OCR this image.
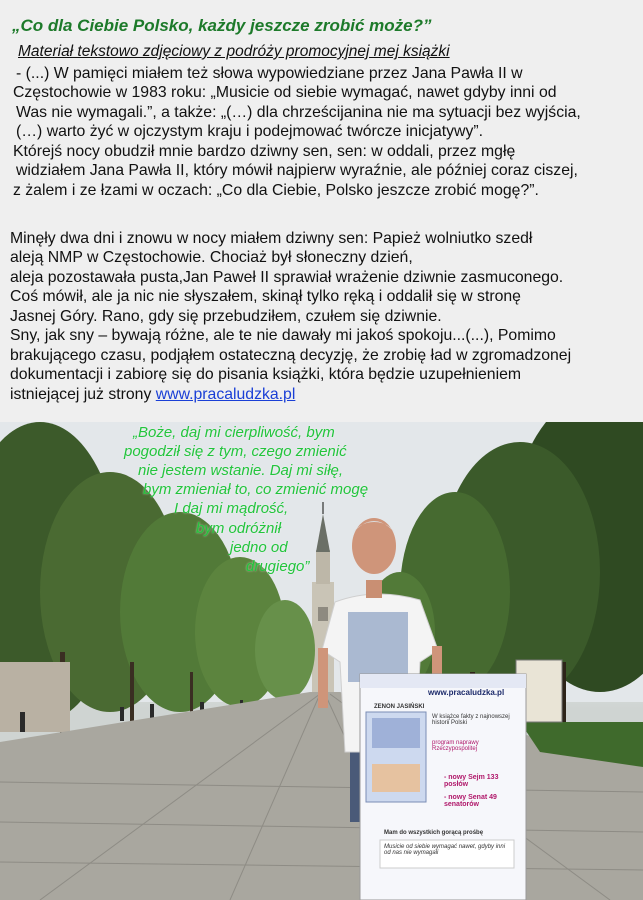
„Co dla Ciebie Polsko, każdy jeszcze zrobić może?”

Materiał tekstowo zdjęciowy z podróży promocyjnej mej książki

- (...) W pamięci miałem też słowa wypowiedziane przez Jana Pawła II w
Częstochowie w 1983 roku: „Musicie od siebie wymagać, nawet gdyby inni od
Was nie wymagali.”, a także: „(…) dla chrześcijanina nie ma sytuacji bez wyjścia,
(…) warto żyć w ojczystym kraju i podejmować twórcze inicjatywy”.
Którejś nocy obudził mnie bardzo dziwny sen, sen: w oddali, przez mgłę
widziałem Jana Pawła II, który mówił najpierw wyraźnie, ale później coraz ciszej,
z żalem i ze łzami w oczach: „Co dla Ciebie, Polsko jeszcze zrobić mogę?”.
Minęły dwa dni i znowu w nocy miałem dziwny sen: Papież wolniutko szedł
aleją NMP w Częstochowie. Chociaż był słoneczny dzień,
aleja pozostawała pusta,Jan Paweł II sprawiał wrażenie dziwnie zasmuconego.
Coś mówił, ale ja nic nie słyszałem, skinął tylko ręką i oddalił się w stronę
Jasnej Góry. Rano, gdy się przebudziłem, czułem się dziwnie.
Sny, jak sny – bywają różne, ale te nie dawały mi jakoś spokoju...(...), Pomimo
brakującego czasu, podjąłem ostateczną decyzję, że zrobię ład w zgromadzonej
dokumentacji i zabiorę się do pisania książki, która będzie uzupełnieniem
istniejącej już strony www.pracaludzka.pl
„Boże, daj mi cierpliwość, bym
pogodził się z tym, czego zmienić
nie jestem wstanie. Daj mi siłę,
bym zmieniał to, co zmienić mogę
I daj mi mądrość,
bym odróżnił
jedno od
drugiego”
www.pracaludzka.pl
ZENON JASIŃSKI
W książce fakty z najnowszej historii Polski
program naprawy Rzeczypospolitej
- nowy Sejm 133 posłów
- nowy Senat 49 senatorów
Mam do wszystkich gorącą prośbę
Musicie od siebie wymagać nawet, gdyby inni od nas nie wymagali
